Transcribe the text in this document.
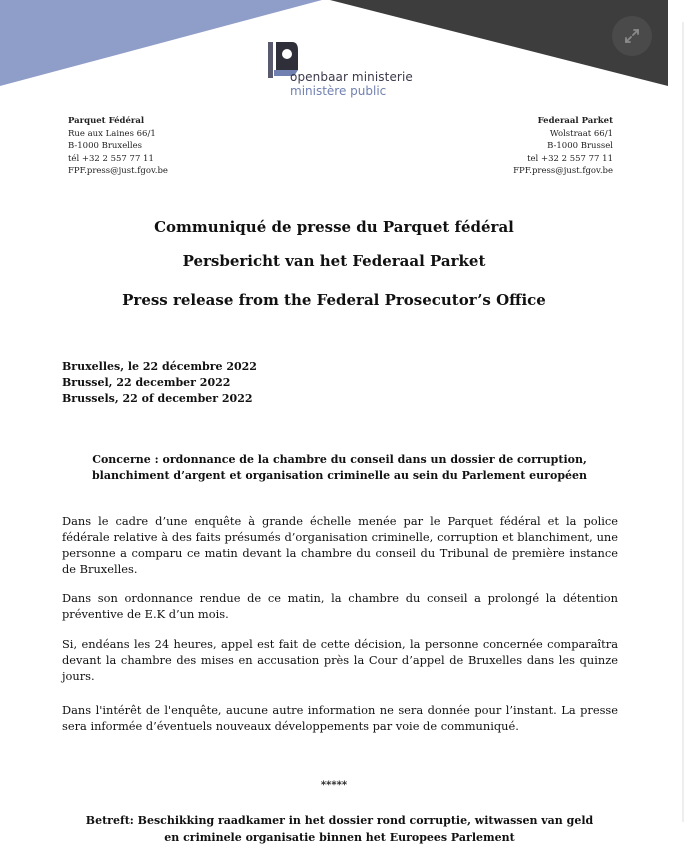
openbaar ministerie
ministère public
Parquet Fédéral
Rue aux Laines 66/1
B-1000 Bruxelles
tél +32 2 557 77 11
FPF.press@just.fgov.be
Federaal Parket
Wolstraat 66/1
B-1000 Brussel
tel +32 2 557 77 11
FPF.press@just.fgov.be
Communiqué de presse du Parquet fédéral
Persbericht van het Federaal Parket
Press release from the Federal Prosecutor’s Office
Bruxelles, le 22 décembre 2022
Brussel, 22 december 2022
Brussels, 22 of december 2022
Concerne : ordonnance de la chambre du conseil dans un dossier de corruption,
blanchiment d’argent et organisation criminelle au sein du Parlement européen

Dans le cadre d’une enquête à grande échelle menée par le Parquet fédéral et la police fédérale relative à des faits présumés d’organisation criminelle, corruption et blanchiment, une personne a comparu ce matin devant la chambre du conseil du Tribunal de première instance de Bruxelles.

Dans son ordonnance rendue de ce matin, la chambre du conseil a prolongé la détention préventive de E.K d’un mois.

Si, endéans les 24 heures, appel est fait de cette décision, la personne concernée comparaîtra devant la chambre des mises en accusation près la Cour d’appel de Bruxelles dans les quinze jours.

Dans l'intérêt de l'enquête, aucune autre information ne sera donnée pour l’instant. La presse sera informée d’éventuels nouveaux développements par voie de communiqué.

*****
Betreft: Beschikking raadkamer in het dossier rond corruptie, witwassen van geld
en criminele organisatie binnen het Europees Parlement
